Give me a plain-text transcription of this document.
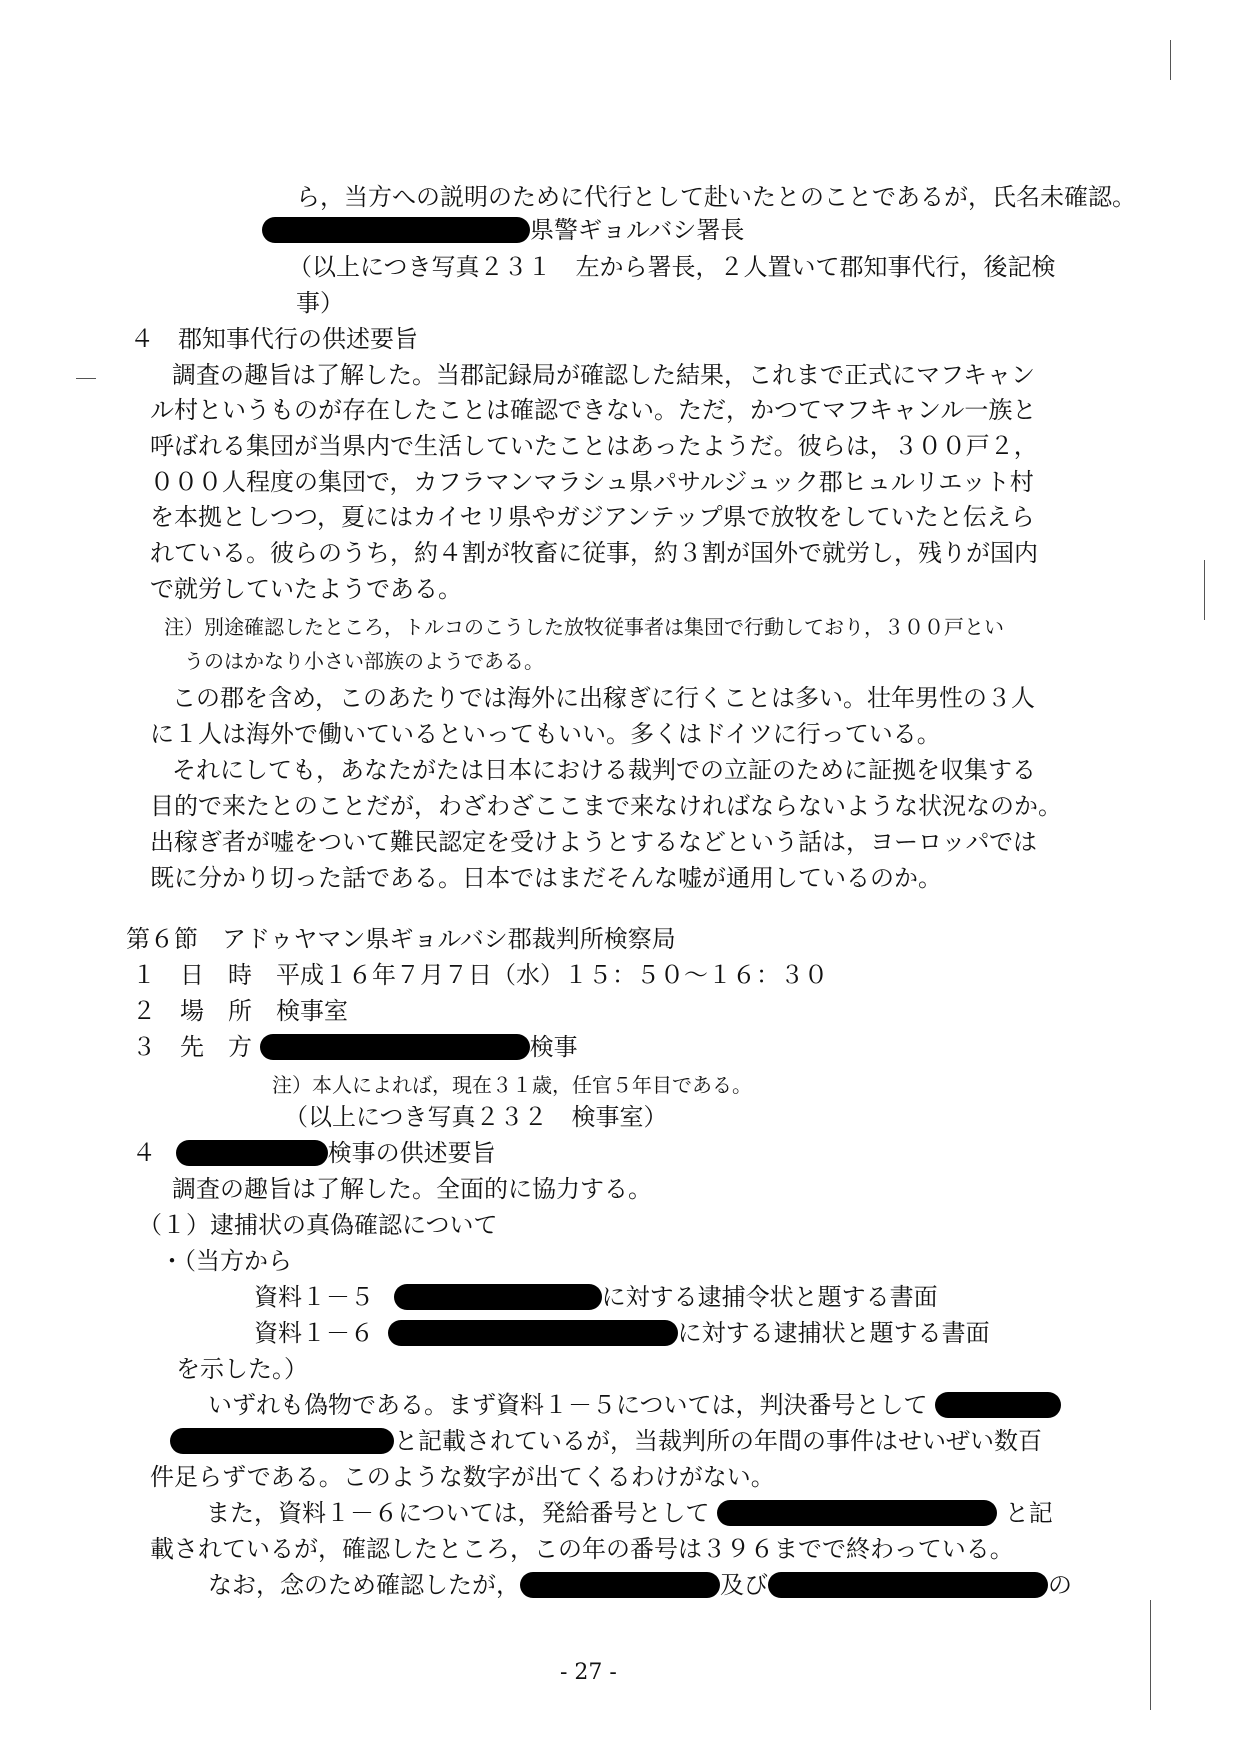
ら，当方への説明のために代行として赴いたとのことであるが，氏名未確認。
県警ギョルバシ署長
（以上につき写真２３１　左から署長，２人置いて郡知事代行，後記検
事）
４　郡知事代行の供述要旨
調査の趣旨は了解した。当郡記録局が確認した結果，これまで正式にマフキャン
ル村というものが存在したことは確認できない。ただ，かつてマフキャンル一族と
呼ばれる集団が当県内で生活していたことはあったようだ。彼らは，３００戸２，
０００人程度の集団で，カフラマンマラシュ県パサルジュック郡ヒュルリエット村
を本拠としつつ，夏にはカイセリ県やガジアンテップ県で放牧をしていたと伝えら
れている。彼らのうち，約４割が牧畜に従事，約３割が国外で就労し，残りが国内
で就労していたようである。
注）別途確認したところ，トルコのこうした放牧従事者は集団で行動しており，３００戸とい
うのはかなり小さい部族のようである。
この郡を含め，このあたりでは海外に出稼ぎに行くことは多い。壮年男性の３人
に１人は海外で働いているといってもいい。多くはドイツに行っている。
それにしても，あなたがたは日本における裁判での立証のために証拠を収集する
目的で来たとのことだが，わざわざここまで来なければならないような状況なのか。
出稼ぎ者が嘘をついて難民認定を受けようとするなどという話は，ヨーロッパでは
既に分かり切った話である。日本ではまだそんな嘘が通用しているのか。
第６節　アドゥヤマン県ギョルバシ郡裁判所検察局
１　日　時　平成１６年７月７日（水）１５：５０～１６：３０
２　場　所　検事室
３　先　方	検事
注）本人によれば，現在３１歳，任官５年目である。
（以上につき写真２３２　検事室）
４	検事の供述要旨
調査の趣旨は了解した。全面的に協力する。
（１）逮捕状の真偽確認について
・（当方から
資料１－５	に対する逮捕令状と題する書面
資料１－６	に対する逮捕状と題する書面
を示した。）
いずれも偽物である。まず資料１－５については，判決番号として
と記載されているが，当裁判所の年間の事件はせいぜい数百
件足らずである。このような数字が出てくるわけがない。
また，資料１－６については，発給番号として	と記
載されているが，確認したところ，この年の番号は３９６までで終わっている。
なお，念のため確認したが，	及び	の
- 27 -
